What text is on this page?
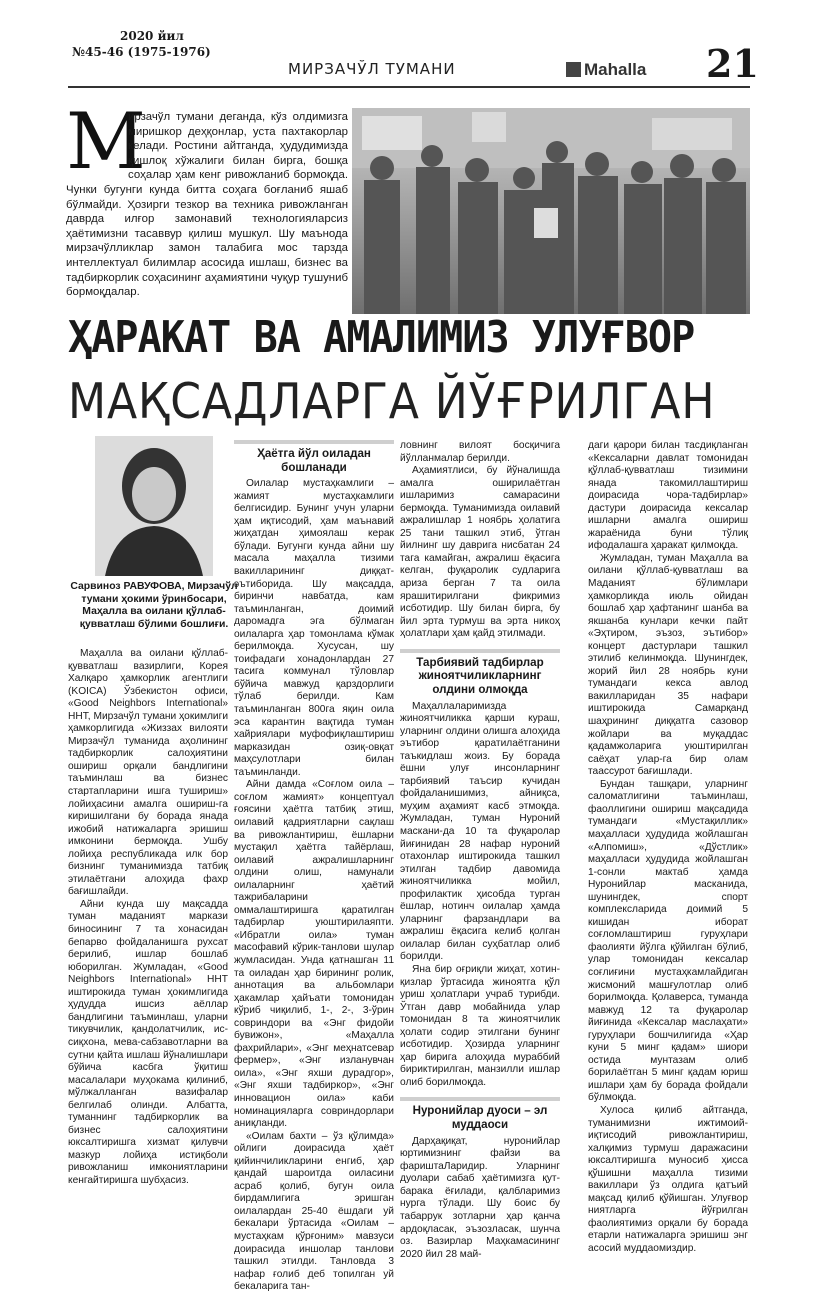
2020 йил
№45-46 (1975-1976)
МИРЗАЧЎЛ ТУМАНИ	Mahalla 21
М
ирзачўл тумани деганда, кўз олдимизга миришкор деҳқонлар, уста пахтакорлар келади. Ростини айтганда, ҳудудимизда қишлоқ хўжалиги билан бирга, бошқа соҳалар ҳам кенг ривожланиб бормоқда. Чунки бугунги кунда битта соҳага боғланиб яшаб бўлмайди. Ҳозирги тезкор ва техника ривожланган даврда илғор замонавий технологияларсиз ҳаётимизни тасаввур қилиш мушкул. Шу маънода мирзачўлликлар замон талабига мос тарзда интеллектуал билимлар асосида ишлаш, бизнес ва тадбиркорлик соҳасининг аҳамиятини чуқур тушуниб бормоқдалар.
ҲАРАКАТ ВА АМАЛИМИЗ УЛУҒВОР
МАҚСАДЛАРГА ЙЎҒРИЛГАН
Сарвиноз РАВУФОВА, Мирзачўл тумани ҳокими ўринбосари, Маҳалла ва оилани қўллаб-қувватлаш бўлими бошлиғи.

Маҳалла ва оилани қўллаб-қувватлаш вазирлиги, Корея Халқаро ҳамкорлик агентлиги (KOICA) Ўзбекистон офиси, «Good Neighbors International» ННТ, Мирзачўл тумани ҳокимлиги ҳамкорлигида «Жиззах вилояти Мирзачўл туманида аҳолининг тадбиркорлик салоҳиятини ошириш орқали бандлигини таъминлаш ва бизнес стартапларини ишга тушириш» лойиҳасини амалга ошириш-га киришилгани бу борада янада ижобий натижаларга эришиш имконини бермоқда. Ушбу лойиҳа республикада илк бор бизнинг туманимизда татбиқ этилаётгани алоҳида фахр бағишлайди.

Айни кунда шу мақсадда туман маданият маркази биносининг 7 та хонасидан бепарво фойдаланишга рухсат берилиб, ишлар бошлаб юборилган. Жумладан, «Good Neighbors International» ННТ иштирокида туман ҳокимлигида ҳудудда ишсиз аёллар бандлигини таъминлаш, уларни тикувчилик, қандолатчилик, ис-сиқхона, мева-сабзавотларни ва сутни қайта ишлаш йўналишлари бўйича касбга ўқитиш масалалари муҳокама қилиниб, мўлжалланган вазифалар белгилаб олинди. Албатта, туманнинг тадбиркорлик ва бизнес салоҳиятини юксалтиришга хизмат қилувчи мазкур лойиҳа истиқболи ривожланиш имкониятларини кенгайтиришга шубҳасиз.

Ҳаётга йўл оиладан бошланади

Оилалар мустаҳкамлиги – жамият мустаҳкамлиги белгисидир. Бунинг учун уларни ҳам иқтисодий, ҳам маънавий жиҳатдан ҳимоялаш керак бўлади. Бугунги кунда айни шу масала маҳалла тизими вакилларининг диққат-эътиборида. Шу мақсадда, биринчи навбатда, кам таъминланган, доимий даромадга эга бўлмаган оилаларга ҳар томонлама кўмак берилмоқда. Хусусан, шу тоифадаги хонадонлардан 27 тасига коммунал тўловлар бўйича мавжуд қарздорлиги тўлаб берилди. Кам таъминланган 800га яқин оила эса карантин вақтида туман хайриялари муфофиқлаштириш марказидан озиқ-овқат маҳсулотлари билан таъминланди.

Айни дамда «Соғлом оила – соғлом жамият» концептуал ғоясини ҳаётга татбиқ этиш, оилавий қадриятларни сақлаш ва ривожлантириш, ёшларни мустақил ҳаётга тайёрлаш, оилавий ажралишларнинг олдини олиш, намунали оилаларнинг ҳаётий тажрибаларини оммалаштиришга қаратилган тадбирлар уюштирилаяпти. «Ибратли оила» туман масофавий кўрик-танлови шулар жумласидан. Унда қатнашган 11 та оиладан ҳар бирининг ролик, аннотация ва альбомлари ҳакамлар ҳайъати томонидан кўриб чиқилиб, 1-, 2-, 3-ўрин совриндори ва «Энг фидойи бувижон», «Маҳалла фахрийлари», «Энг меҳнатсевар фермер», «Энг изланувчан оила», «Энг яхши дурадгор», «Энг яхши тадбиркор», «Энг инновацион оила» каби номинацияларга совриндорлари аниқланди.

«Оилам бахти – ўз қўлимда» ойлиги доирасида ҳаёт қийинчиликларини енгиб, ҳар қандай шароитда оиласини асраб қолиб, бугун оила бирдамлигига эришган оилалардан 25-40 ёшдаги уй бекалари ўртасида «Оилам – мустаҳкам қўрғоним» мавзуси доирасида иншолар танлови ташкил этилди. Танловда 3 нафар ғолиб деб топилган уй бекаларига тан-

ловнинг вилоят босқичига йўлланмалар берилди.

Аҳамиятлиси, бу йўналишда амалга оширилаётган ишларимиз самарасини бермоқда. Туманимизда оилавий ажралишлар 1 ноябрь ҳолатига 25 тани ташкил этиб, ўтган йилнинг шу даврига нисбатан 24 тага камайган, ажралиш ёқасига келган, фуқаролик судларига ариза берган 7 та оила ярашитирилгани фикримиз исботидир. Шу билан бирга, бу йил эрта турмуш ва эрта никоҳ ҳолатлари ҳам қайд этилмади.

Тарбиявий тадбирлар жиноятчиликларнинг олдини олмоқда

Маҳаллаларимизда жиноятчиликка қарши кураш, уларнинг олдини олишга алоҳида эътибор қаратилаётганини таъкидлаш жоиз. Бу борада ёшни улуғ инсонларнинг тарбиявий таъсир кучидан фойдаланишимиз, айниқса, муҳим аҳамият касб этмоқда. Жумладан, туман Нуроний маскани-да 10 та фуқаролар йиғинидан 28 нафар нуроний отахонлар иштирокида ташкил этилган тадбир давомида жиноятчиликка мойил, профилактик ҳисобда турган ёшлар, нотинч оилалар ҳамда уларнинг фарзандлари ва ажралиш ёқасига келиб қолган оилалар билан суҳбатлар олиб борилди.

Яна бир оғриқли жиҳат, хотин-қизлар ўртасида жиноятга қўл уриш ҳолатлари учраб турибди. Ўтган давр мобайнида улар томонидан 8 та жиноятчилик ҳолати содир этилгани бунинг исботидир. Ҳозирда уларнинг ҳар бирига алоҳида мураббий бириктирилган, манзилли ишлар олиб борилмоқда.

Нуронийлар дуоси – эл муддаоси

Дарҳақиқат, нуронийлар юртимизнинг файзи ва фариштаЛаридир. Уларнинг дуолари сабаб ҳаётимизга қут-барака ёғилади, қалбларимиз нурга тўлади. Шу боис бу табаррук зотларни ҳар қанча ардоқласак, эъзозласак, шунча оз. Вазирлар Маҳкамасининг 2020 йил 28 май-

даги қарори билан тасдиқланган «Кексаларни давлат томонидан қўллаб-қувватлаш тизимини янада такомиллаштириш доирасида чора-тадбирлар» дастури доирасида кексалар ишларни амалга ошириш жараёнида буни тўлиқ ифодалашга ҳаракат қилмоқда.

Жумладан, туман Маҳалла ва оилани қўллаб-қувватлаш ва Маданият бўлимлари ҳамкорликда июль ойидан бошлаб ҳар ҳафтанинг шанба ва якшанба кунлари кечки пайт «Эҳтиром, эъзоз, эътибор» концерт дастурлари ташкил этилиб келинмоқда. Шунингдек, жорий йил 28 ноябрь куни тумандаги кекса авлод вакилларидан 35 нафари иштирокида Самарқанд шаҳрининг диққатга сазовор жойлари ва муқаддас қадамжоларига уюштирилган саёҳат улар-га бир олам таассурот бағишлади.

Бундан ташқари, уларнинг саломатлигини таъминлаш, фаоллигини ошириш мақсадида тумандаги «Мустақиллик» маҳалласи ҳудудида жойлашган «Алпомиш», «Дўстлик» маҳалласи ҳудудида жойлашган 1-сонли мактаб ҳамда Нуронийлар масканида, шунингдек, спорт комплексларида доимий 5 кишидан иборат соғломлаштириш гуруҳлари фаолияти йўлга қўйилган бўлиб, улар томонидан кексалар соғлиғини мустаҳкамлайдиган жисмоний машғулотлар олиб борилмоқда. Қолаверса, туманда мавжуд 12 та фуқаролар йиғинида «Кексалар маслаҳати» гуруҳлари бошчилигида «Ҳар куни 5 минг қадам» шиори остида мунтазам олиб борилаётган 5 минг қадам юриш ишлари ҳам бу борада фойдали бўлмоқда.

Хулоса қилиб айтганда, туманимизни ижтимоий-иқтисодий ривожлантириш, халқимиз турмуш даражасини юксалтиришга муносиб ҳисса қўшишни маҳалла тизими вакиллари ўз олдига қатъий мақсад қилиб қўйишган. Улуғвор ниятларга йўғрилган фаолиятимиз орқали бу борада етарли натижаларга эришиш энг асосий муддаомиздир.
